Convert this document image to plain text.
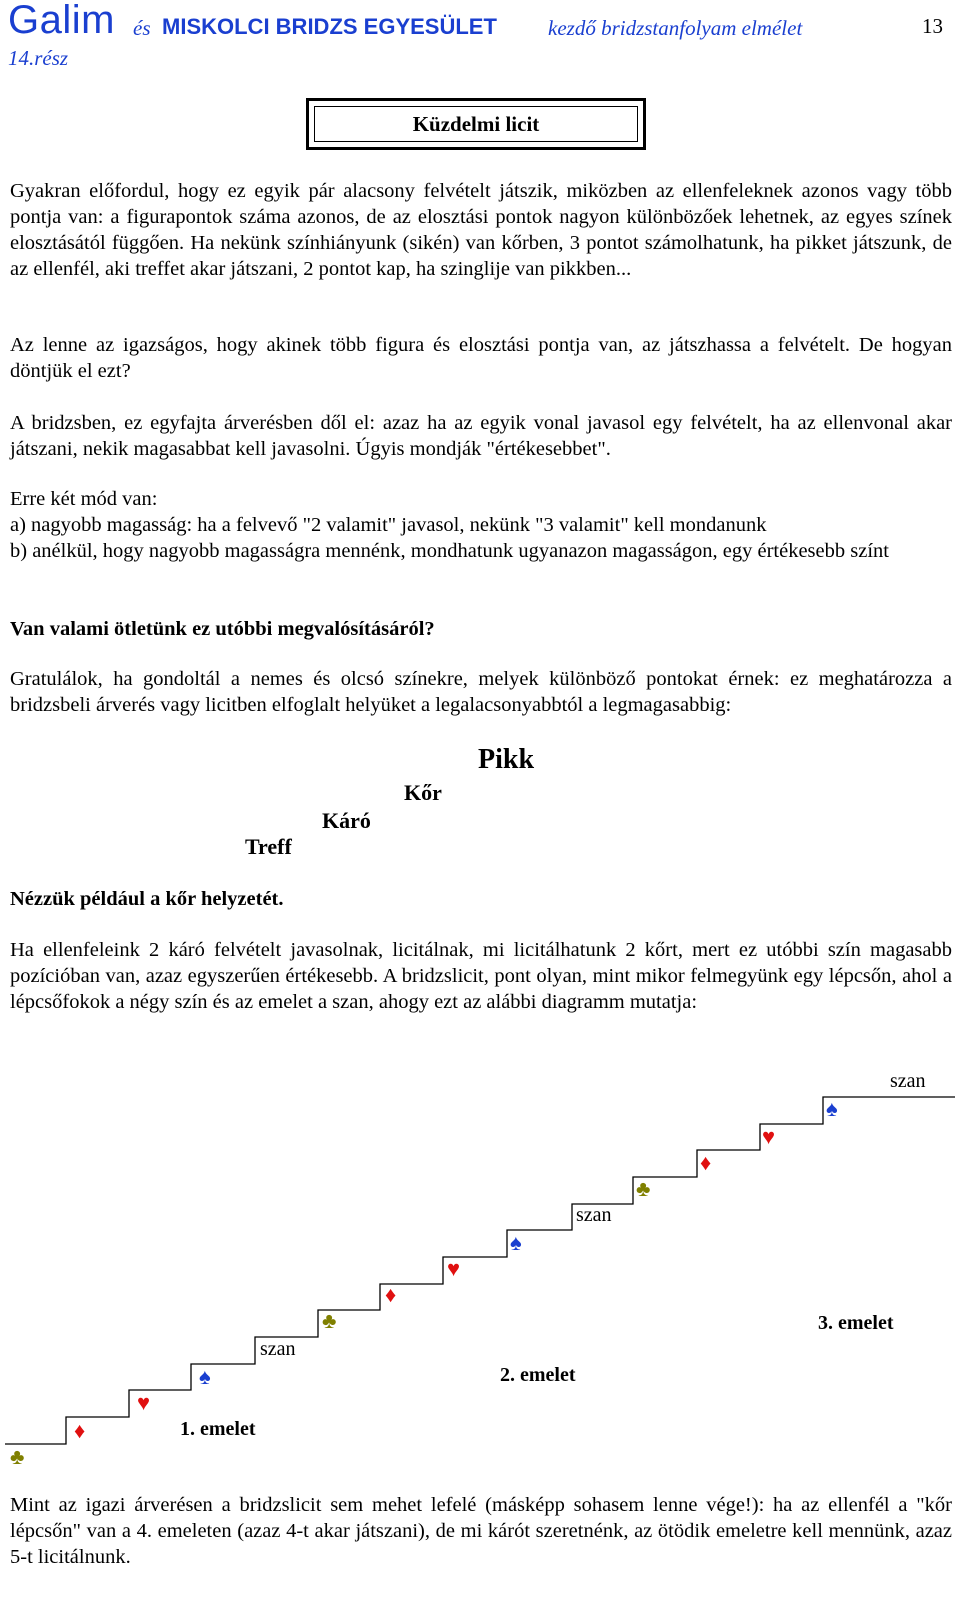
Galim és MISKOLCI BRIDZS EGYESÜLET kezdő bridzstanfolyam elmélet	13
14.rész
Küzdelmi licit
Gyakran előfordul, hogy ez egyik pár alacsony felvételt játszik, miközben az ellenfeleknek azonos vagy több pontja van: a figurapontok száma azonos, de az elosztási pontok nagyon különbözőek lehetnek, az egyes színek elosztásától függően. Ha nekünk színhiányunk (sikén) van kőrben, 3 pontot számolhatunk, ha pikket játszunk, de az ellenfél, aki treffet akar játszani, 2 pontot kap, ha szinglije van pikkben...
Az lenne az igazságos, hogy akinek több figura és elosztási pontja van, az játszhassa a felvételt. De hogyan döntjük el ezt?
A bridzsben, ez egyfajta árverésben dől el: azaz ha az egyik vonal javasol egy felvételt, ha az ellenvonal akar játszani, nekik magasabbat kell javasolni. Úgyis mondják "értékesebbet".
Erre két mód van:
a) nagyobb magasság: ha a felvevő "2 valamit" javasol, nekünk "3 valamit" kell mondanunk
b) anélkül, hogy nagyobb magasságra mennénk, mondhatunk ugyanazon magasságon, egy értékesebb színt
Van valami ötletünk ez utóbbi megvalósításáról?
Gratulálok, ha gondoltál a nemes és olcsó színekre, melyek különböző pontokat érnek: ez meghatározza a bridzsbeli árverés vagy licitben elfoglalt helyüket a legalacsonyabbtól a legmagasabbig:
Pikk
Kőr
Káró
Treff
Nézzük például a kőr helyzetét.
Ha ellenfeleink 2 káró felvételt javasolnak, licitálnak, mi licitálhatunk 2 kőrt, mert ez utóbbi szín magasabb pozícióban van, azaz egyszerűen értékesebb. A bridzslicit, pont olyan, mint mikor felmegyünk egy lépcsőn, ahol a lépcsőfokok a négy szín és az emelet a szan, ahogy ezt az alábbi diagramm mutatja:
♣
♦
♥
♠
szan
♣
♦
♥
♠
szan
♣
♦
♥
♠
szan
1. emelet
2. emelet
3. emelet
Mint az igazi árverésen a bridzslicit sem mehet lefelé (másképp sohasem lenne vége!): ha az ellenfél a "kőr lépcsőn" van a 4. emeleten (azaz 4-t akar játszani), de mi kárót szeretnénk, az ötödik emeletre kell mennünk, azaz 5-t licitálnunk.
